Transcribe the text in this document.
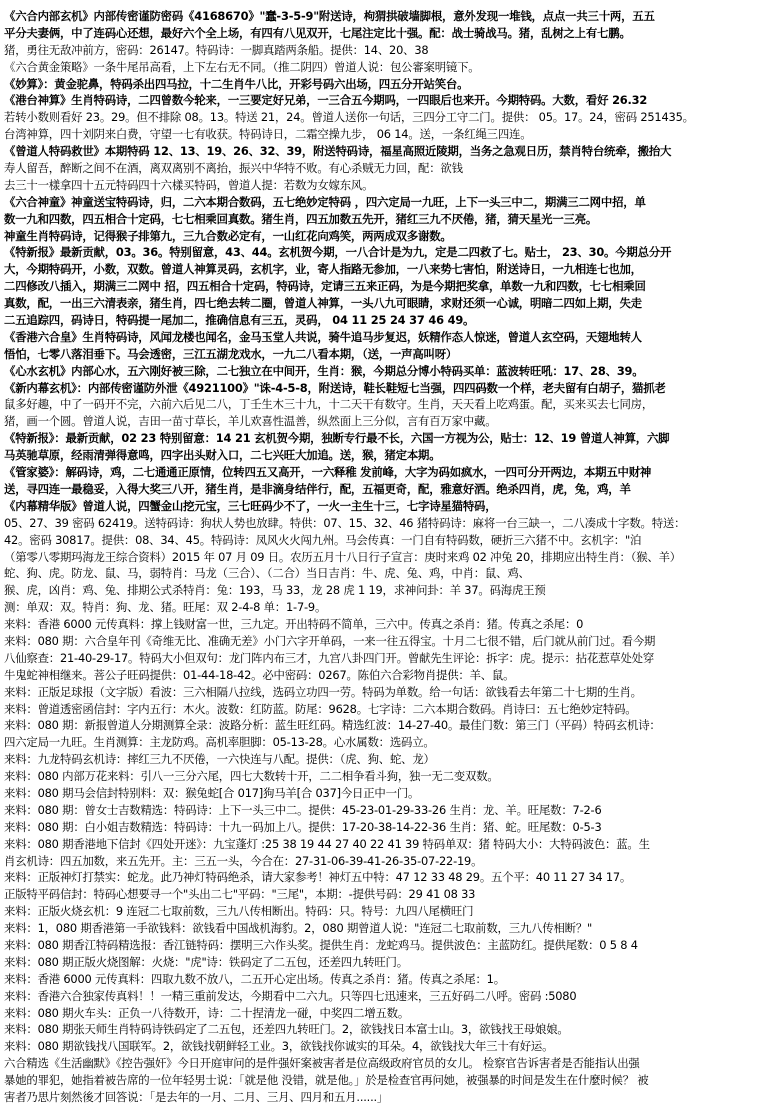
《六合内部玄机》内部传密谨防密码《4168670》"蠢-3-5-9"附送诗，枸猬拱破墙脚根，意外发现一堆钱，点点一共三十两，五五
平分夫妻俩，中了连码心还想，最好六个全上场，有四有八见双开，七尾注定比十强。配：战士骑战马。猪，乱树之上有七鹏。
猪，勇往无敌冲前方，密码：26147。特码诗：一脚真踏两条船。提供：14、20、38
《六合黄金策略》一条牛尾吊高看，上下左右无不同。（推二阴四）曾道人说：包公審案明镜下。
《妙算》：黄金驼鼻，特码杀出四马拉，十二生肖牛八比，开彩号码六出场，四五分开站笑台。
《港台神算》生肖特码诗，二四曾数今轮来，一三要定好兄弟，一三合五今期吗，一四眼后也来开。今期特码。大数，看好 26.32
若转小数则看好 23。29。但不排除 08。13。特送 21，24。曾道人送你一句话，三四分工守二门。提供： 05。17。24，密码 251435。
台湾神算，四十刘阴来白费，守望一七有收获。特码诗日，二霜空操九步， 06 14。送，一条红绳三四连。
《曾道人特码救世》本期特码 12、13、19、26、32、39，附送特码诗，福星高照近陵期，当务之急观日历，禁肖特台统牵，搬抬大
寿人留吾，醉断之间不在酒，离双离别不离抬，振兴中华特不败。有心杀贼无力回，配：欲钱
去三十一樣拿四十五元特码四十六樣买特码，曾道人提：若数为女嫁东风。
《六合神童》神童送宝特码诗，归，二六本期合数码，五七绝妙定特码 ，四六定局一九旺，上下一头三中二，期满三二网中招，单
数一九和四数，四五相合十定码，七七相乘回真数。猪生肖，四五加数五先开，猪红三九不厌倦，猪，猜天星光一三亮。
神童生肖特码诗，记得猴子排第九，三九合数必定有，一山红花向鸡笑，两两成双多谢数。
《特新报》最新贡献，03。36。特别留意，43、44。玄机贺今期，一八合计是为九，定是二四救了七。贴士， 23、30。今期总分开
大，今期特码开，小数，双数。曾道人神算灵码，玄机字，业，寄人指路无参加，一八来势七害怕，附送诗日，一九相连七也加，
二四修改八插入，期满三二网中 招，四五相合十定码，特码诗，定请三五来正码，为是今期把奖拿，单数一九和四数，七七相乘回
真数，配，一出三六清表亲，猪生肖，四七绝去转二圈，曾道人神算，一头八九可眼睛，求财还须一心诚，明暗二四如上期，失走
二五追踪四，码诗日，特码提一尾加二，推确信息有三五，灵码， 04 11 25 24 37 46 49。
《香港六合皇》生肖特码诗，风闻龙楼也闻名，金马玉堂人共说，骑牛追马步复迟，妖精作态人惊迷，曾道人玄空码，天翅地转人
悟怕，七零八落泪垂下。马会透密，三江五湖龙戏水，一九二八看本期，（送，一声高叫呀）
《心水玄机》内部心水，五六刚好被三除，二七独立在中间开，生肖：猴，今期总分博小特码买单：蓝波转旺吼：17、28、39。
《新内幕玄机》：内部传密谨防外泄《4921100》"诛-4-5-8，附送诗，鞋长鞋短七当强，四四码数一个样，老夫留有白胡子，猫抓老
鼠多好趣，中了一码开不完，六前六后见二八，丁壬生木三十九，十二天干有数守。生肖，天天看上吃鸡蛋。配，买来买去七同房，
猪，画一个圆。曾道人说，吉田一苗寸草长，羊儿欢喜性温善，纵然面上三分似，言有百万家中藏。
《特新报》：最新贡献，02 23 特别留意：14 21 玄机贺今期，独断专行最不长，六国一方视为公，贴士：12、19 曾道人神算，六脚
马英驰草原，经雨清弹得意鸣，四字出头财入口，二七兴旺大加追。送，猴，猪定本期。
《管家婆》：解码诗，鸡，二七通通正原情，位转四五又高开，一六释稚 发前峰，大字为码如疯水，一四可分开两边，本期五中财神
送，寻四连一最稳妥，入得大奖三八开，猪生肖，是非滴身结伴行，配，五福更奇，配，雅意好洒。绝杀四肖，虎，兔，鸡，羊
《内幕精华版》曾道人说，四蟹金山挖元宝，三七旺码少不了，一火一主生十三，七字诗星猫特码，
05、27、39 密码 62419。送特码诗：狗状人势也放肆。特供：07、15、32、46 猪特码诗：麻将一台三缺一，二八凑成十字数。特送：
42。密码 30817。提供：08、34、45。特码诗：凤风火火闯九州。马会传真：一门自有特码数，硬折三六猪不中。玄机字："泊
（第零八零期玛海龙王综合资料）2015 年 07 月 09 日。农历五月十八日行子宣言：庚时来鸡 02 冲兔 20，排期应出特生肖：（猴、羊）
蛇、狗、虎。防龙、鼠、马，弱特肖：马龙（三合）、（二合）当日吉肖：牛、虎、兔、鸡，中肖：鼠、鸡、
猴、虎，凶肖：鸡、兔、排期公式杀特肖：兔：193，马 33，龙 28 虎 1 19，求神问卦：羊 37。码海虎王预
测：单双：双。特肖：狗、龙、猪。旺尾：双 2-4-8 单：1-7-9。
来料：香港 6000 元传真料：撑上钱财富一世，三九定。开出特码不简单，三六中。传真之杀肖：猪。传真之杀尾：0
来料：080 期：六合皇年刊《奇维无比、准确无差》小门六字开单码，一来一往五得宝。十月二七很不错，后门就从前门过。看今期
八仙察查：21-40-29-17。特码大小但双句：龙门阵内布三才，九宫八卦四门开。曾献先生评论：拆字：虎。提示：拈花惹草处处穿
牛鬼蛇神相继来。菩公子旺码提供：01-44-18-42。必中密码：0267。陈伯六合彩物肖提供：羊、鼠。
来料：正版足球报（文字版）看波：三六相隔八拉线，选码立功四一劳。特码为单数。给一句话：欲钱看去年第二十七期的生肖。
来料：曾道透密函信封：字内五行：木火。波数：红防蓝。防尾：9628。七字诗：二六本期合数码。肖诗曰：五七绝妙定特码。
来料：080 期：新报曾道人分期测算全录：波路分析：蓝生旺红码。精选红波：14-27-40。最佳门数：第三门（平码）特码玄机诗：
四六定局一九旺。生肖测算：主龙防鸡。高机率胆脚：05-13-28。心水属数：选码立。
来料：九龙特码玄机诗：摔红三九不厌倦，一六快连与八配。提供：（虎、狗、蛇、龙）
来料：080 内部万花来料：引八一三分六尾，四七大数转十开，二二相争看斗狗，独一无二变双数。
来料：080 期马会信封特别料：双：猴兔蛇[合 017]狗马羊[合 037]今日正中一门。
来料：080 期：曾女士吉数精选：特码诗：上下一头三中二。提供：45-23-01-29-33-26 生肖：龙、羊。旺尾数：7-2-6
来料：080 期：白小姐吉数精选：特码诗：十九一码加上八。提供：17-20-38-14-22-36 生肖：猪、蛇。旺尾数：0-5-3
来料：080 期香港地下信封《四处开迷》：九宝蓬灯 :25 38 19 44 27 40 22 41 39 特码单双：猪 特码大小：大特码波色：蓝。生
肖玄机诗：四五加数，来五先开。主：三五一头，今合在：27-31-06-39-41-26-35-07-22-19。
来料：正版神灯打禁实：蛇龙。此乃神灯特码绝杀，请大家参考！神灯五中特：47 12 33 48 29。五个平：40 11 27 34 17。
正版特平码信封：特码心想要寻一个"头出二七"平码："三尾"，本期：-提供号码：29 41 08 33
来料：正版火烧玄机：9 连冠二七取前数，三九八传相断出。特码：只。特号：九四八尾横旺门
来料：1，080 期香港第一手欲钱料：欲钱看中国战机海豹。2，080 期曾道人说："连冠二七取前数，三九八传相断？"
来料：080 期香江特码精选报：香江链特码：摆明三六作头奖。提供生肖：龙蛇鸡马。提供波色：主蓝防红。提供尾数：0 5 8 4
来料：080 期正版火烧图解：火烧："虎"诗：铁码定了二五包，还差四九转旺门。
来料：香港 6000 元传真料：四取九数不放八，二五开心定出场。传真之杀肖：猪。传真之杀尾：1。
来料：香港六合独家传真料！！一精三重前发达，今期看中二六九。只等四七迅速来，三五好码二八呼。密码 :5080
来料：080 期火车头：正负一八待数开，诗：二十捏清龙一碰，中奖四二增五数。
来料：080 期张天师生肖特码诗铁码定了二五包，还差四九转旺门。2，欲钱找日本富士山。3，欲钱找王母娘娘。
来料：080 期欲钱找八国联军。2，欲钱找朝鲜轻工业。3，欲钱找你诚实的耳朵。4，欲钱找大年三十有好运。
六合精选《生活幽默》《控告强奸》今日开庭审问的是件强奸案被害者是位高级政府官员的女儿。 检察官告诉害者是否能指认出强
暴她的罪犯，她指着被告席的一位年轻男士说：「就是他 没错，就是他。」於是检查官再问她，被强暴的时间是发生在什麼时候？ 被
害者乃思片刻然後才回答说：「是去年的一月、二月、三月、四月和五月......」
